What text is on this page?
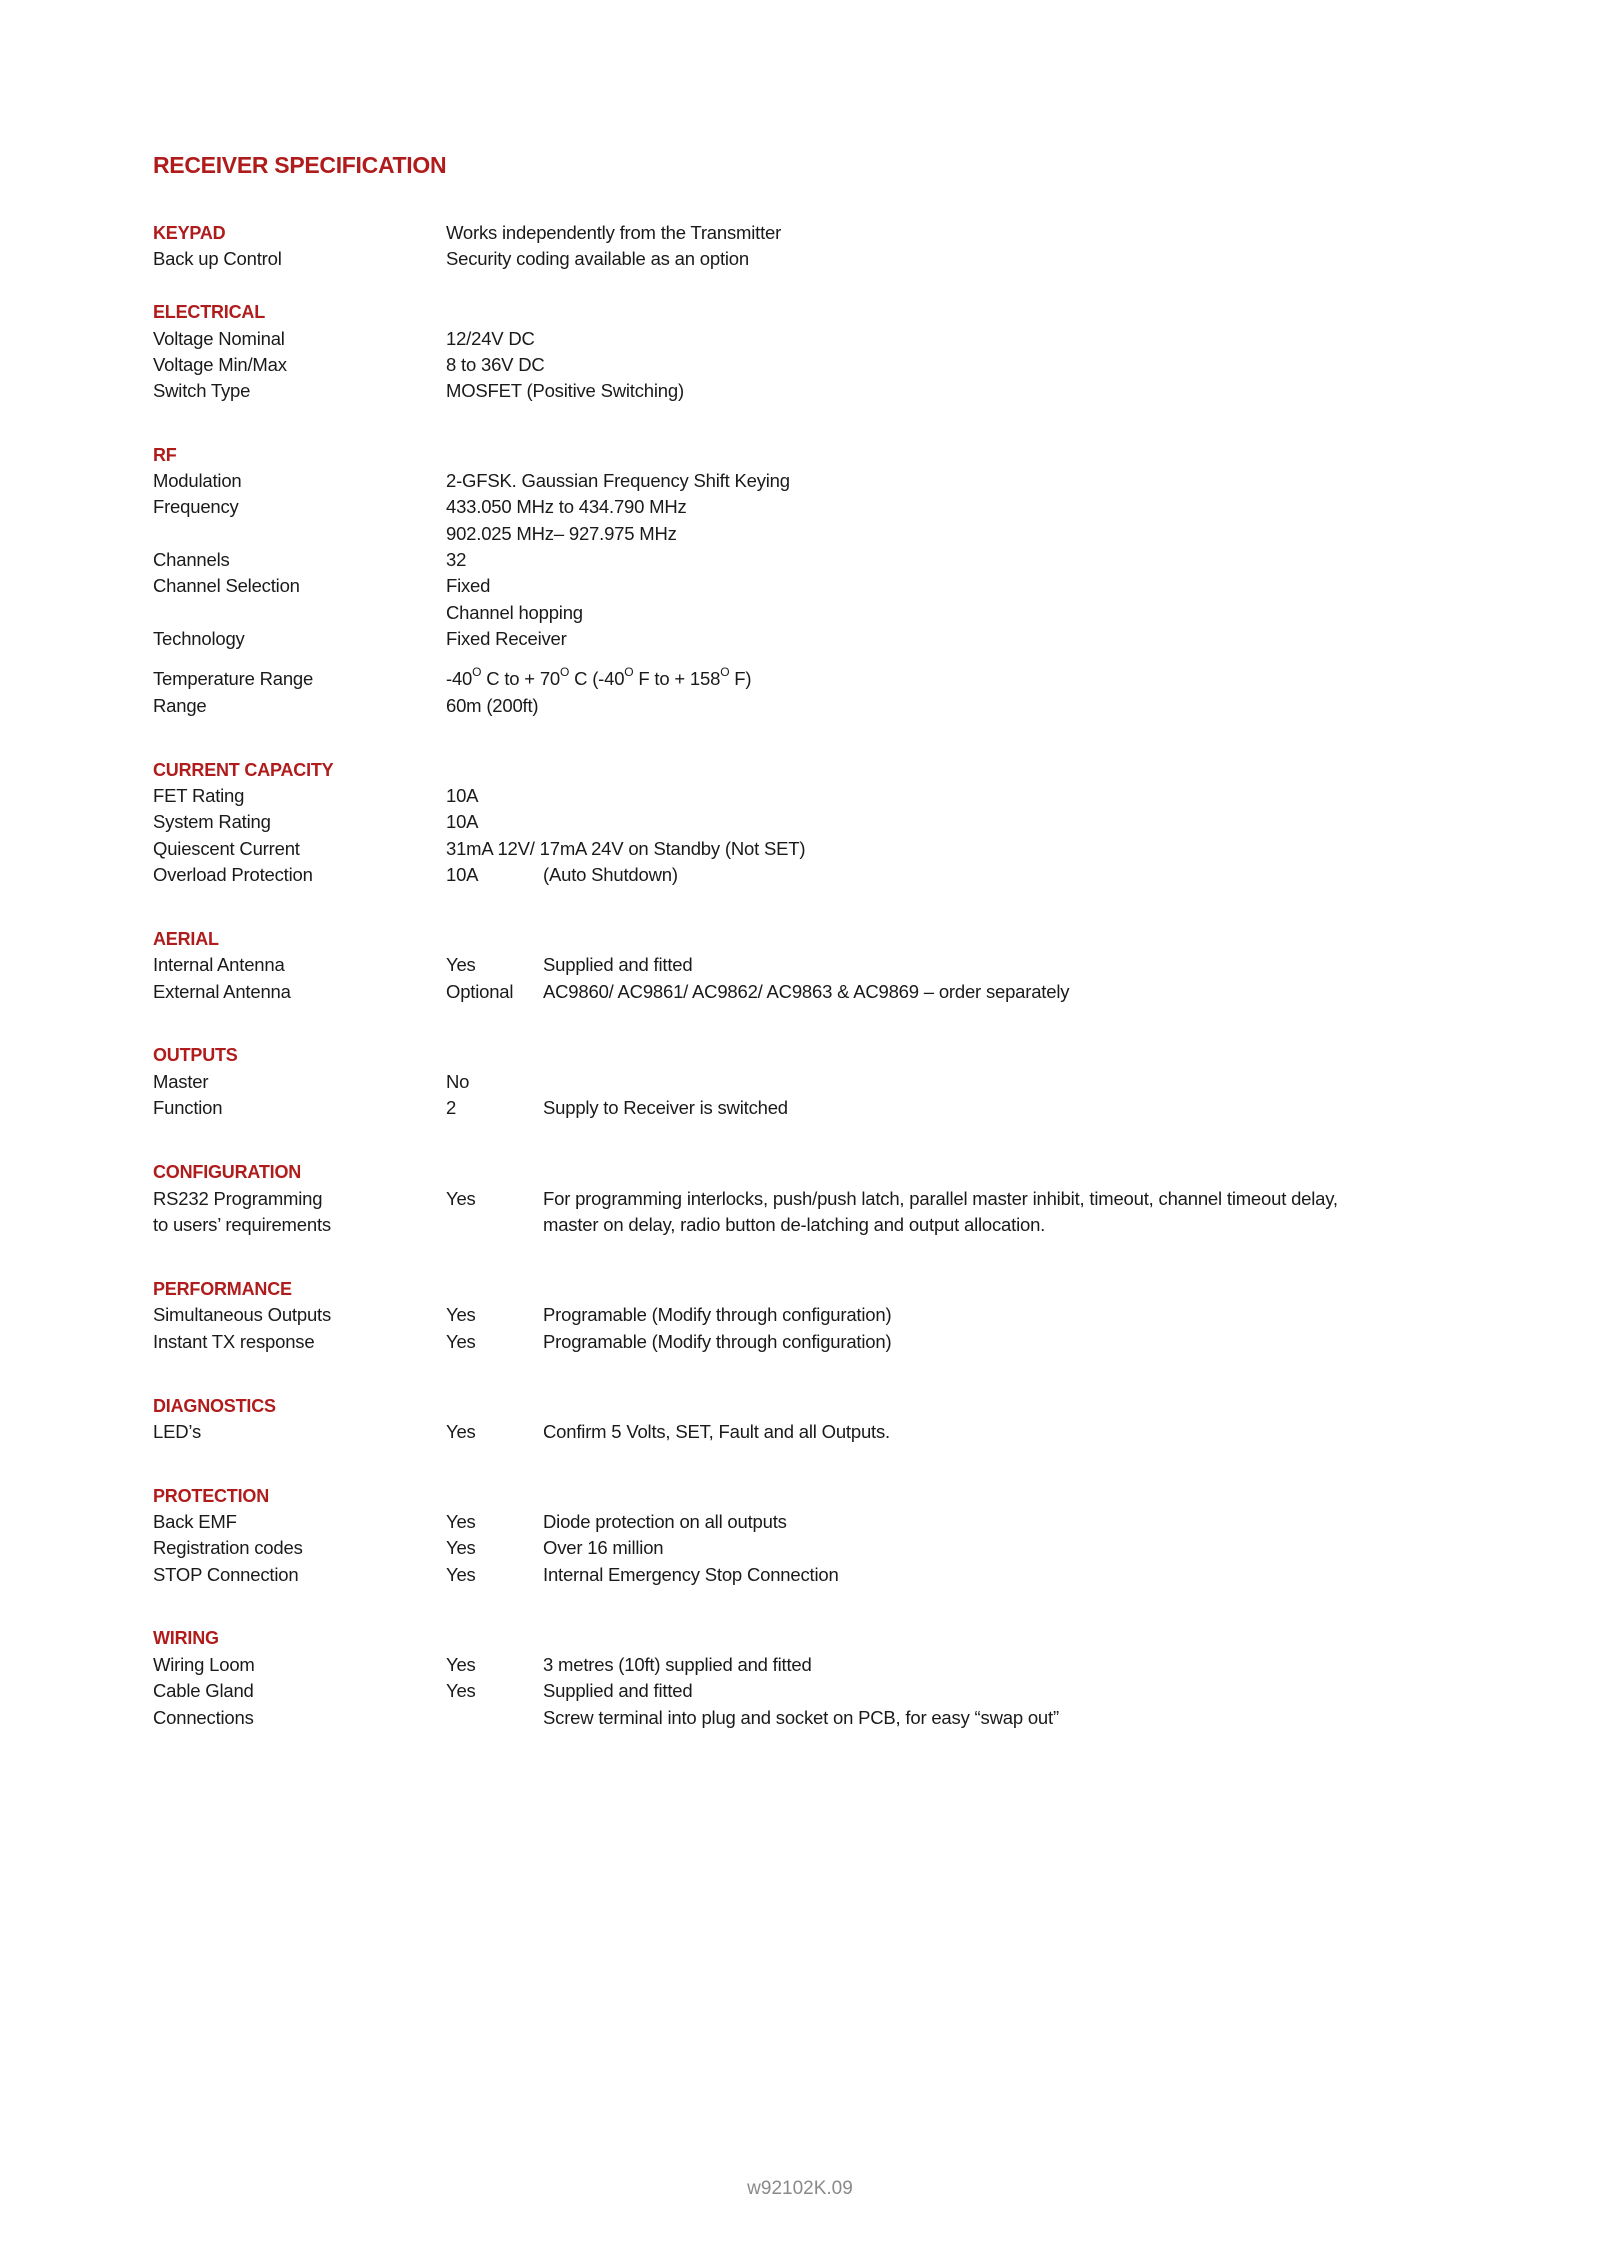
RECEIVER SPECIFICATION
KEYPAD	Works independently from the Transmitter
Back up Control	Security coding available as an option
ELECTRICAL
Voltage Nominal	12/24V DC
Voltage Min/Max	8 to 36V DC
Switch Type	MOSFET (Positive Switching)
RF
Modulation	2-GFSK. Gaussian Frequency Shift Keying
Frequency	433.050 MHz to 434.790 MHz
902.025 MHz– 927.975 MHz
Channels	32
Channel Selection	Fixed
Channel hopping
Technology	Fixed Receiver
Temperature Range	$-40^O$ C to + $70^O$ C ($-40^O$ F to + $158^O$ F)
Range	60m (200ft)
CURRENT CAPACITY
FET Rating	10A
System Rating	10A
Quiescent Current	31mA 12V/ 17mA 24V on Standby (Not SET)
Overload Protection	10A	(Auto Shutdown)
AERIAL
Internal Antenna	Yes	Supplied and fitted
External Antenna	Optional AC9860/ AC9861/ AC9862/ AC9863 & AC9869 – order separately
OUTPUTS
Master	No
Function	2	Supply to Receiver is switched
CONFIGURATION
RS232 Programming	Yes	For programming interlocks, push/push latch, parallel master inhibit, timeout, channel timeout delay,
to users’ requirements	master on delay, radio button de-latching and output allocation.
PERFORMANCE
Simultaneous Outputs	Yes	Programable (Modify through configuration)
Instant TX response	Yes	Programable (Modify through configuration)
DIAGNOSTICS
LED’s	Yes	Confirm 5 Volts, SET, Fault and all Outputs.
PROTECTION
Back EMF	Yes	Diode protection on all outputs
Registration codes	Yes	Over 16 million
STOP Connection	Yes	Internal Emergency Stop Connection
WIRING
Wiring Loom	Yes	3 metres (10ft) supplied and fitted
Cable Gland	Yes	Supplied and fitted
Connections	Screw terminal into plug and socket on PCB, for easy “swap out”
w92102K.09
